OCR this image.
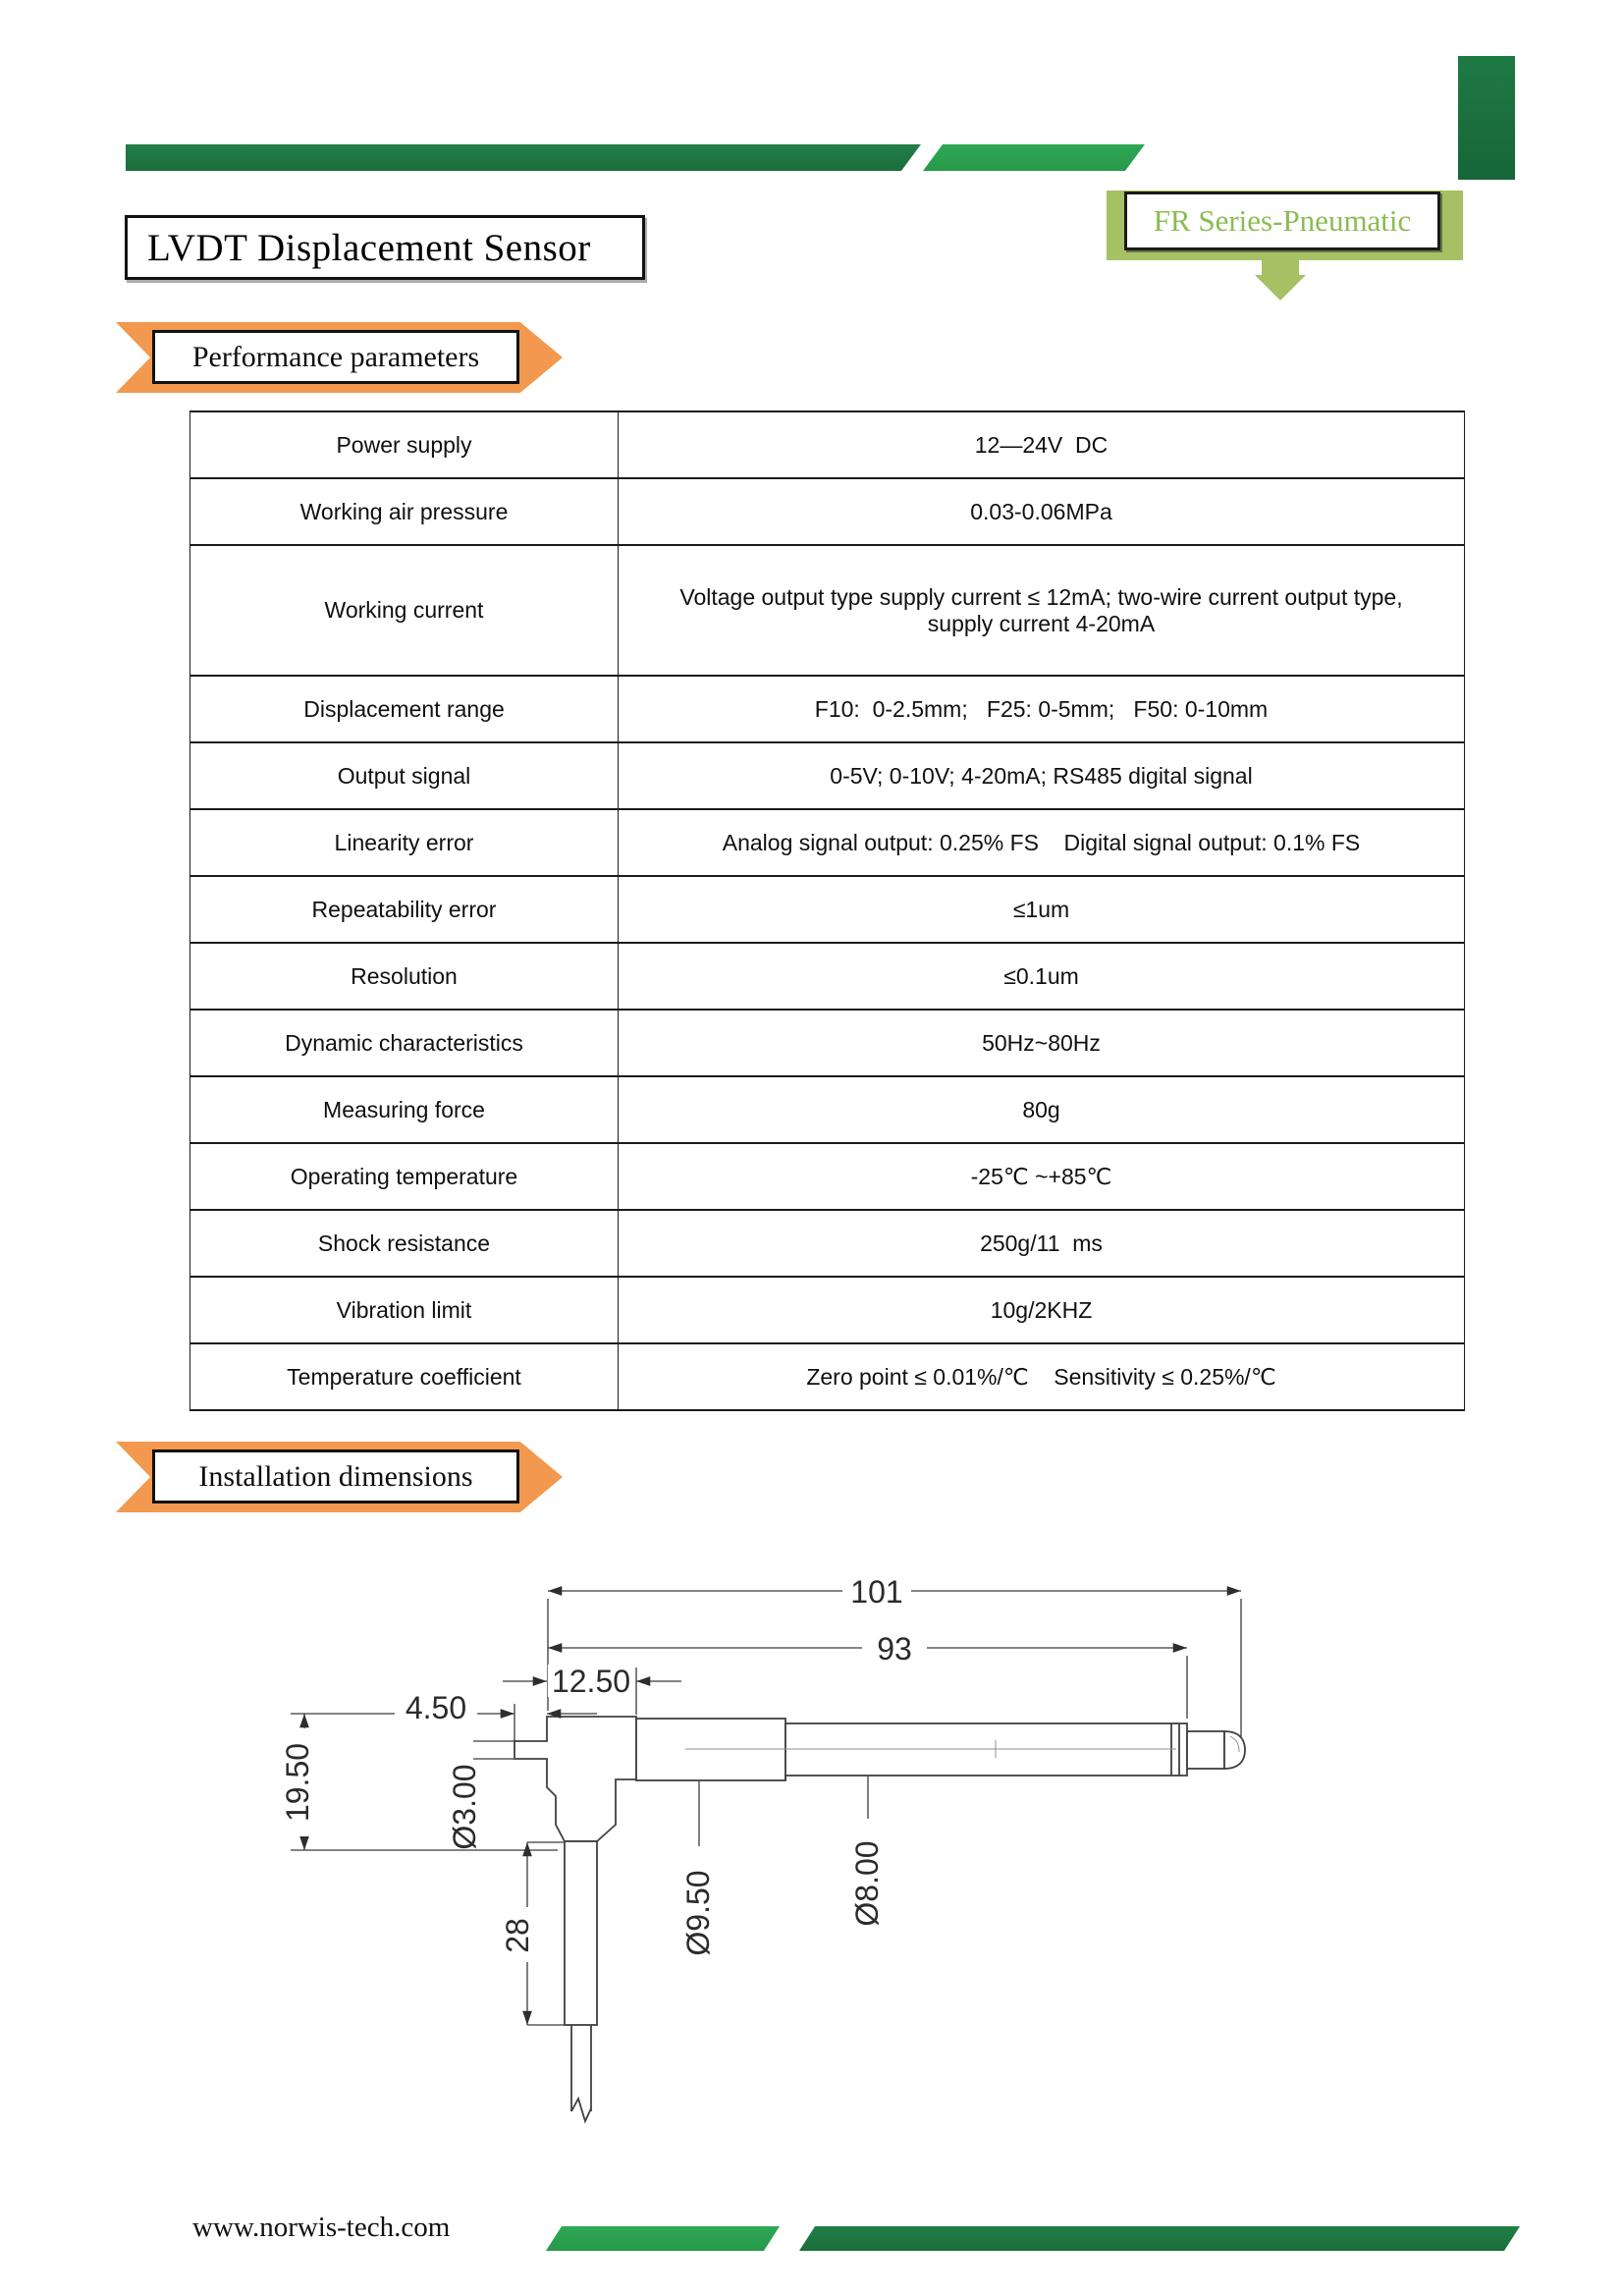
LVDT Displacement Sensor
FR Series-Pneumatic
Performance parameters
Power supply	12—24V  DC
Working air pressure	0.03-0.06MPa
Working current	Voltage output type supply current ≤ 12mA; two-wire current output type, supply current 4-20mA
Displacement range	F10:  0-2.5mm;   F25: 0-5mm;   F50: 0-10mm
Output signal	0-5V; 0-10V; 4-20mA; RS485 digital signal
Linearity error	Analog signal output: 0.25% FS    Digital signal output: 0.1% FS
Repeatability error	≤1um
Resolution	≤0.1um
Dynamic characteristics	50Hz~80Hz
Measuring force	80g
Operating temperature	-25℃ ~+85℃
Shock resistance	250g/11  ms
Vibration limit	10g/2KHZ
Temperature coefficient	Zero point ≤ 0.01%/℃    Sensitivity ≤ 0.25%/℃
Installation dimensions
101
93
12.50
4.50
19.50	Ø3.00
28	Ø9.50	Ø8.00
www.norwis-tech.com
